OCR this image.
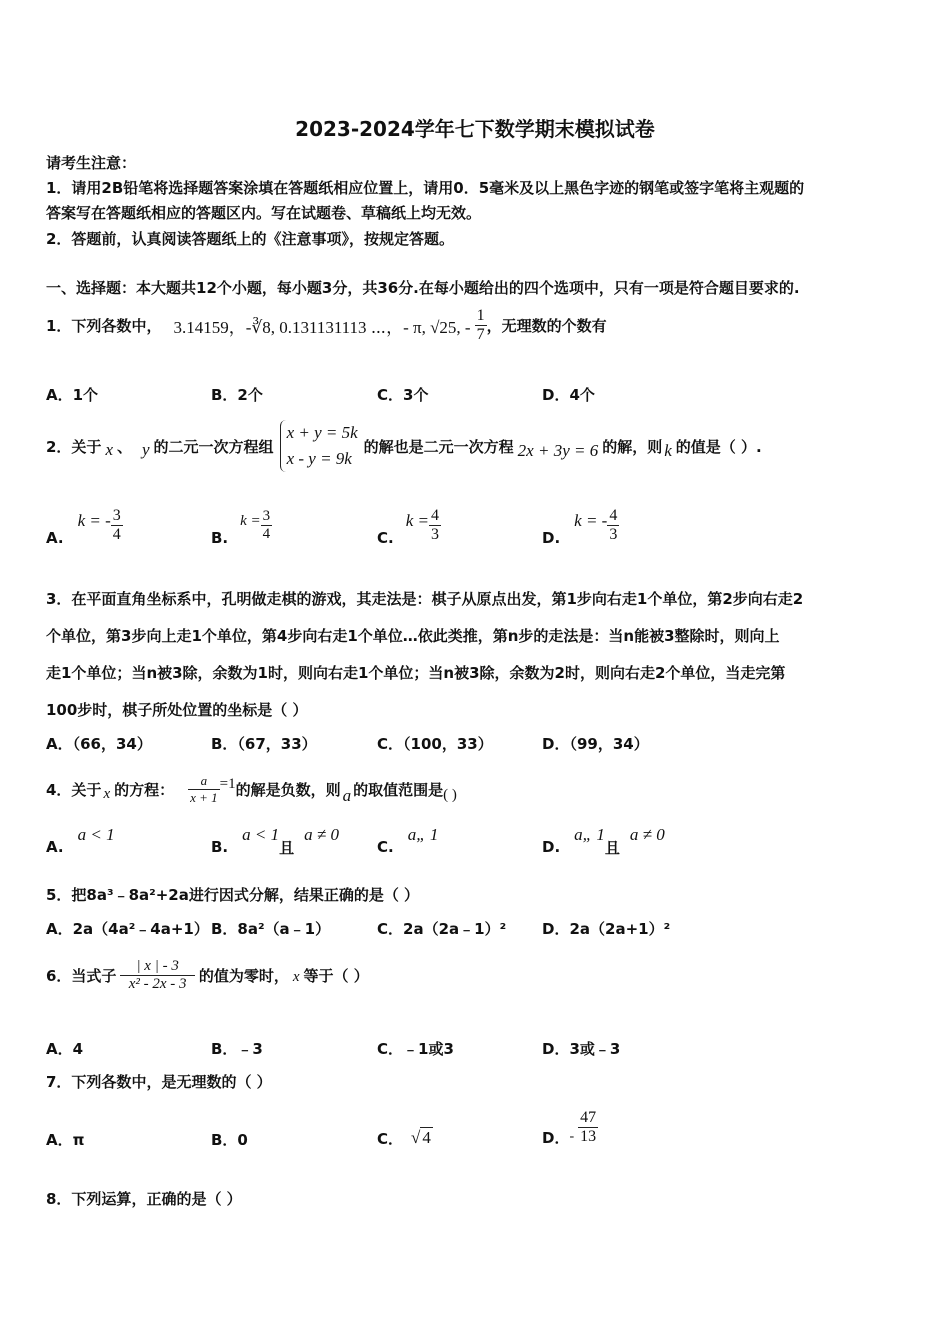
2023-2024学年七下数学期末模拟试卷
请考生注意：
1．请用2B铅笔将选择题答案涂填在答题纸相应位置上，请用0．5毫米及以上黑色字迹的钢笔或签字笔将主观题的
答案写在答题纸相应的答题区内。写在试题卷、草稿纸上均无效。
2．答题前，认真阅读答题纸上的《注意事项》，按规定答题。
一、选择题：本大题共12个小题，每小题3分，共36分.在每小题给出的四个选项中，只有一项是符合题目要求的.
1．下列各数中， 3.14159，-∛8, 0.131131113 ⋯，- π, √25, - $\frac{1}{7}$ ，无理数的个数有
A．1个	B．2个	C．3个	D．4个
2．关于 x 、 y 的二元一次方程组
x + y = 5k
x - y = 9k
的解也是二元一次方程 2x + 3y = 6 的解，则 k 的值是（ ）.
A.
k = - $\frac{3}{4}$	B.
$k = \frac{3}{4}$	C.
$k = \frac{4}{3}$	D.
k = - $\frac{4}{3}$
3．在平面直角坐标系中，孔明做走棋的游戏，其走法是：棋子从原点出发，第1步向右走1个单位，第2步向右走2
个单位，第3步向上走1个单位，第4步向右走1个单位…依此类推，第n步的走法是：当n能被3整除时，则向上
走1个单位；当n被3除，余数为1时，则向右走1个单位；当n被3除，余数为2时，则向右走2个单位，当走完第
100步时，棋子所处位置的坐标是（ ）
A．（66，34）	B．（67，33）	C．（100，33）	D．（99，34）
4．关于 x 的方程： $\frac{a}{x + 1} =1$ 的解是负数，则 a 的取值范围是 ( )
A.
a < 1
B.
a < 1
且
a ≠ 0
C.
a„ 1
D.
a„ 1
且
a ≠ 0
5．把8a³﹣8a²+2a进行因式分解，结果正确的是（ ）
A．2a（4a²﹣4a+1） B．8a²（a﹣1）	C．2a（2a﹣1）² D．2a（2a+1）²
6．当式子 $\frac{| x | - 3}{\text{x² - 2x - 3}}$ 的值为零时， x 等于（ ）
A．4	B．﹣3	C．﹣1或3	D．3或﹣3
7．下列各数中，是无理数的（ ）
A．π	B．0	C． √ 4	D． - $\frac{47}{13}$
8．下列运算，正确的是（ ）
